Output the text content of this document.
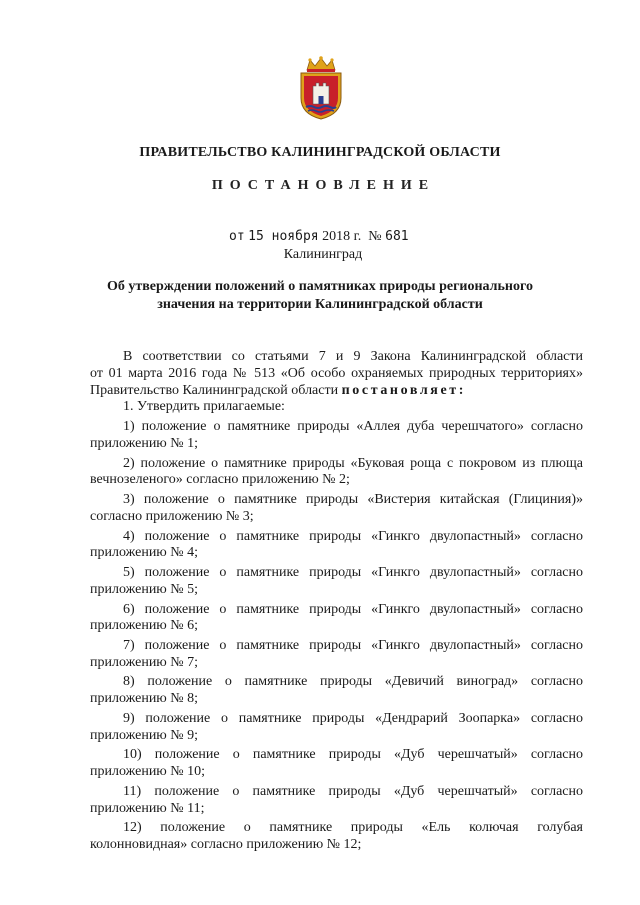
ПРАВИТЕЛЬСТВО КАЛИНИНГРАДСКОЙ ОБЛАСТИ
ПОСТАНОВЛЕНИЕ
от 15 ноября 2018 г. № 681
Калининград
Об утверждении положений о памятниках природы регионального
значения на территории Калининградской области
В соответствии со статьями 7 и 9 Закона Калининградской области
от 01 марта 2016 года № 513 «Об особо охраняемых природных территориях»
Правительство Калининградской области постановляет:
1. Утвердить прилагаемые:
1) положение о памятнике природы «Аллея дуба черешчатого» согласно
приложению № 1;
2) положение о памятнике природы «Буковая роща с покровом из плюща
вечнозеленого» согласно приложению № 2;
3) положение о памятнике природы «Вистерия китайская (Глициния)»
согласно приложению № 3;
4) положение о памятнике природы «Гинкго двулопастный» согласно
приложению № 4;
5) положение о памятнике природы «Гинкго двулопастный» согласно
приложению № 5;
6) положение о памятнике природы «Гинкго двулопастный» согласно
приложению № 6;
7) положение о памятнике природы «Гинкго двулопастный» согласно
приложению № 7;
8) положение о памятнике природы «Девичий виноград» согласно
приложению № 8;
9) положение о памятнике природы «Дендрарий Зоопарка» согласно
приложению № 9;
10) положение о памятнике природы «Дуб черешчатый» согласно
приложению № 10;
11) положение о памятнике природы «Дуб черешчатый» согласно
приложению № 11;
12) положение о памятнике природы «Ель колючая голубая
колонновидная» согласно приложению № 12;
